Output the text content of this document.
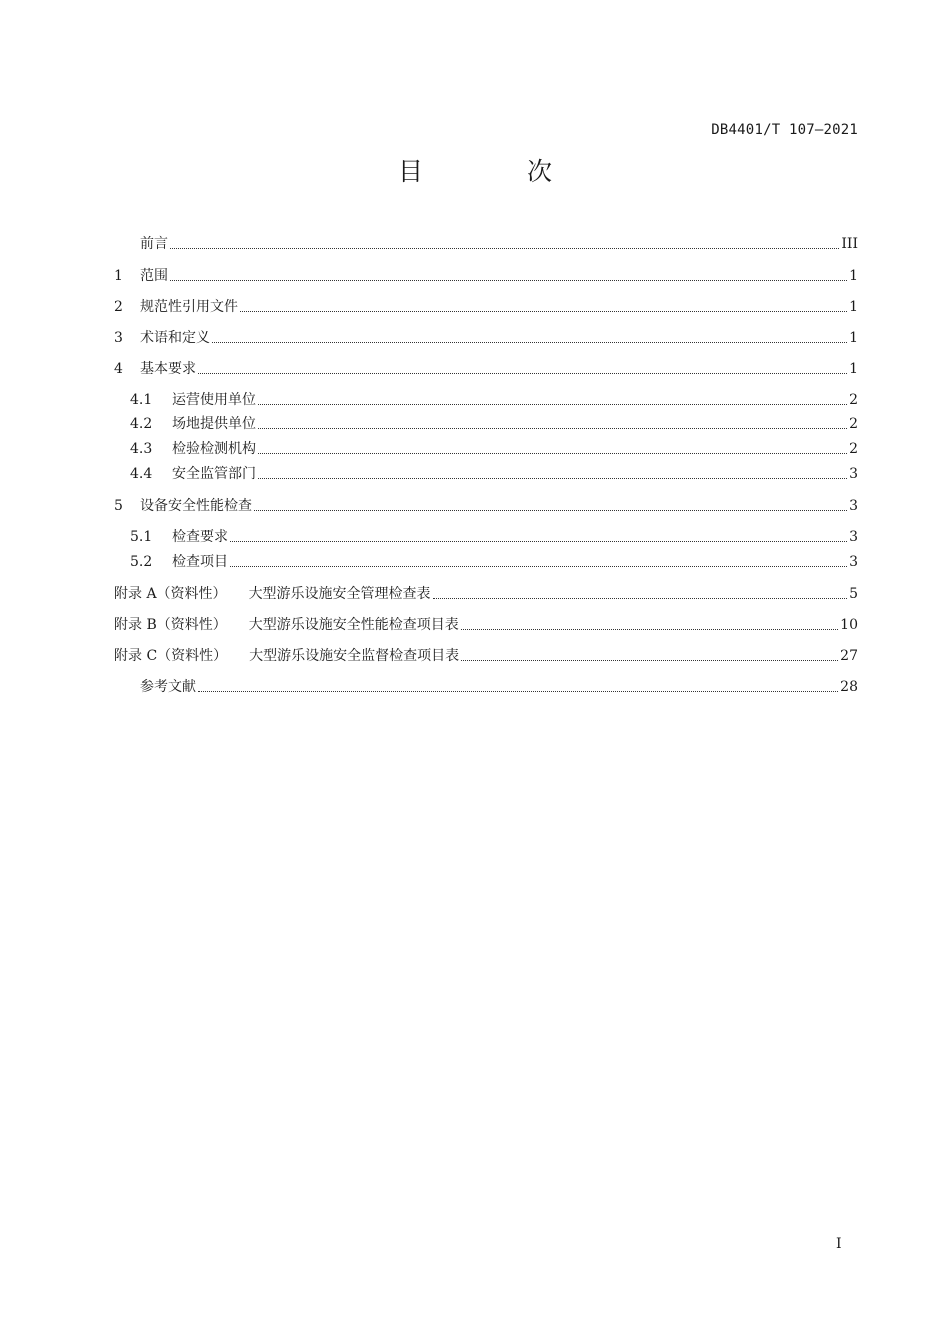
DB4401/T 107—2021
目 次
前言	III
1	范围	1
2	规范性引用文件	1
3	术语和定义	1
4	基本要求	1
4.1	运营使用单位	2
4.2	场地提供单位	2
4.3	检验检测机构	2
4.4	安全监管部门	3
5	设备安全性能检查	3
5.1	检查要求	3
5.2	检查项目	3
附录 A（资料性）	大型游乐设施安全管理检查表	5
附录 B（资料性）	大型游乐设施安全性能检查项目表	10
附录 C（资料性）	大型游乐设施安全监督检查项目表	27
参考文献	28
I
